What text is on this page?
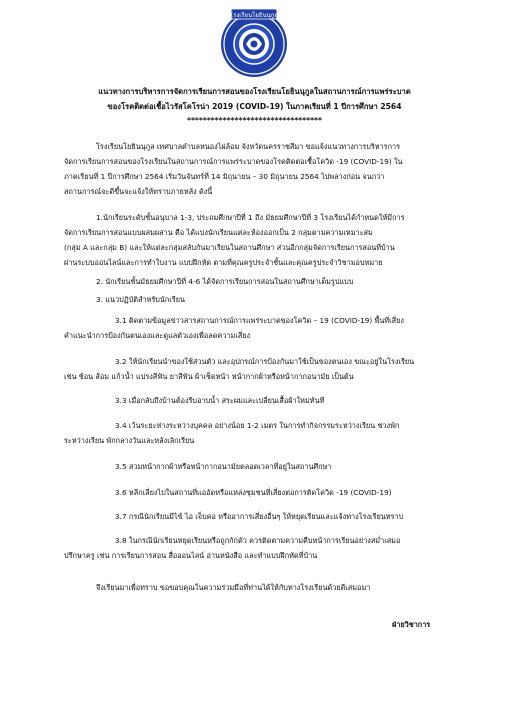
โรงเรียนโยธินนุกูล
แนวทางการบริหารการจัดการเรียนการสอนของโรงเรียนโยธินนุกูลในสถานการณ์การแพร่ระบาด
ของโรคติดต่อเชื้อไวรัสโคโรน่า 2019 (COVID-19) ในภาคเรียนที่ 1 ปีการศึกษา 2564
**********************************
โรงเรียนโยธินนุกูล เทศบาลตำบลหนองไผ่ล้อม จังหวัดนครราชสีมา ขอแจ้งแนวทางการบริหารการ
จัดการเรียนการสอนของโรงเรียนในสถานการณ์การแพร่ระบาดของโรคติดต่อเชื้อโควิด -19 (COVID-19) ใน
ภาคเรียนที่ 1 ปีการศึกษา 2564 เริ่มวันจันทร์ที่ 14 มิถุนายน – 30 มิถุนายน 2564 ไปพลางก่อน จนกว่า
สถานการณ์จะดีขึ้นจะแจ้งให้ทราบภายหลัง ดังนี้
1.นักเรียนระดับชั้นอนุบาล 1-3, ประถมศึกษาปีที่ 1 ถึง มัธยมศึกษาปีที่ 3 โรงเรียนได้กำหนดให้มีการ
จัดการเรียนการสอนแบบผสมผสาน คือ ได้แบ่งนักเรียนแต่ละห้องออกเป็น 2 กลุ่มตามความเหมาะสม
(กลุ่ม A และกลุ่ม B) และให้แต่ละกลุ่มสลับกันมาเรียนในสถานศึกษา ส่วนอีกกลุ่มจัดการเรียนการสอนที่บ้าน
ผ่านระบบออนไลน์และการทำใบงาน แบบฝึกหัด ตามที่คุณครูประจำชั้นและคุณครูประจำวิชามอบหมาย
2. นักเรียนชั้นมัธยมศึกษาปีที่ 4-6 ได้จัดการเรียนการสอนในสถานศึกษาเต็มรูปแบบ
3. แนวปฏิบัติสำหรับนักเรียน
3.1 ติดตามข้อมูลข่าวสารสถานการณ์การแพร่ระบาดของโควิด – 19 (COVID-19) พื้นที่เสี่ยง
คำแนะนำการป้องกันตนเองและดูแลตัวเองเพื่อลดความเสี่ยง
3.2 ให้นักเรียนนำของใช้ส่วนตัว และอุปกรณ์การป้องกันมาใช้เป็นของตนเอง ขณะอยู่ในโรงเรียน
เช่น ช้อน ส้อม แก้วน้ำ แปรงสีฟัน ยาสีฟัน ผ้าเช็ดหน้า หน้ากากผ้าหรือหน้ากากอนามัย เป็นต้น
3.3 เมื่อกลับถึงบ้านต้องรีบอาบน้ำ สระผมและเปลี่ยนเสื้อผ้าใหม่ทันที
3.4 เว้นระยะห่างระหว่างบุคคล อย่างน้อย 1-2 เมตร ในการทำกิจกรรมระหว่างเรียน ช่วงพัก
ระหว่างเรียน พักกลางวันและหลังเลิกเรียน
3.5 สวมหน้ากากผ้าหรือหน้ากากอนามัยตลอดเวลาที่อยู่ในสถานศึกษา
3.6 หลีกเลี่ยงไปในสถานที่แออัดหรือแหล่งชุมชนที่เสี่ยงต่อการติดโควิด -19 (COVID-19)
3.7 กรณีนักเรียนมีไข้ ไอ เจ็บคอ หรืออาการเสี่ยงอื่นๆ ให้หยุดเรียนและแจ้งทางโรงเรียนทราบ
3.8 ในกรณีนักเรียนหยุดเรียนหรือถูกกักตัว ควรติดตามความคืบหน้าการเรียนอย่างสม่ำเสมอ
ปรึกษาครู เช่น การเรียนการสอน สื่อออนไลน์ อ่านหนังสือ และทำแบบฝึกหัดที่บ้าน
จึงเรียนมาเพื่อทราบ ขอขอบคุณในความร่วมมือที่ท่านได้ให้กับทางโรงเรียนด้วยดีเสมอมา
ฝ่ายวิชาการ
